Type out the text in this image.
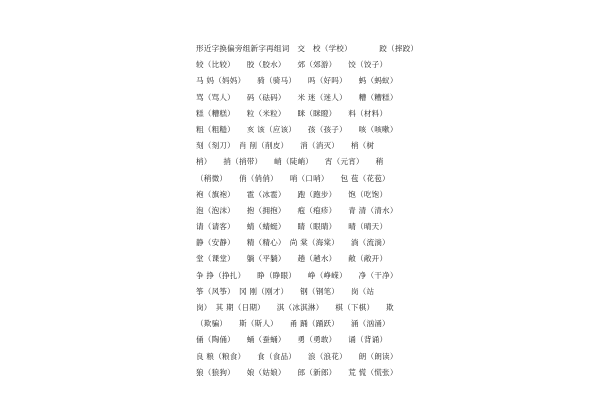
形近字换偏旁组新字再组词　交　校（学校）　　　　跤（摔跤）
较（比较）　　胶（胶水）　　郊（郊游）　　饺（饺子）
马 妈（妈妈）　　骑（骑马）　　吗（好吗）　　蚂（蚂蚁）
骂（骂人）　　码（砝码）　　米 迷（迷人）　　糟（糟糕）
糕（糟糕）　　粒（米粒）　　眯（眯瞪）　　料（材料）
粗（粗糙）　　亥 该（应该）　　孩（孩子）　　咳（咳嗽）
刻（刻刀）　肖 削（削皮）　　消（消灭）　　梢（树
梢）　　捎（捎带）　　峭（陡峭）　　宵（元宵）　　稍
（稍微）　　俏（俏俏）　　哨（口哨）　　包 苞（花苞）
袍（旗袍）　　雹（冰雹）　　跑（跑步）　　饱（吃饱）
泡（泡沫）　　抱（拥抱）　　疱（疱疹）　　青 清（清水）
请（请客）　　蜻（蜻蜓）　　睛（眼睛）　　晴（晴天）
静（安静）　　精（精心）　尚 棠（海棠）　　淌（流淌）
堂（课堂）　　躺（平躺）　　趟（趟水）　　敞（敞开）
争 挣（挣扎）　　睁（睁眼）　　峥（峥嵘）　　净（干净）
筝（风筝）　冈 刚（刚才）　　钢（钢笔）　　岗（站
岗）　其 期（日期）　　淇（冰淇淋）　　棋（下棋）　　欺
（欺骗）　　斯（斯人）　　甬 踊（踊跃）　　涌（汹涌）
俑（陶俑）　　蛹（蚕蛹）　　勇（勇敢）　　诵（背诵）
良 粮（粮食）　　食（食品）　　浪（浪花）　　朗（朗读）
狼（狼狗）　　娘（姑娘）　　郎（新郎）　　荒 慌（慌张）
